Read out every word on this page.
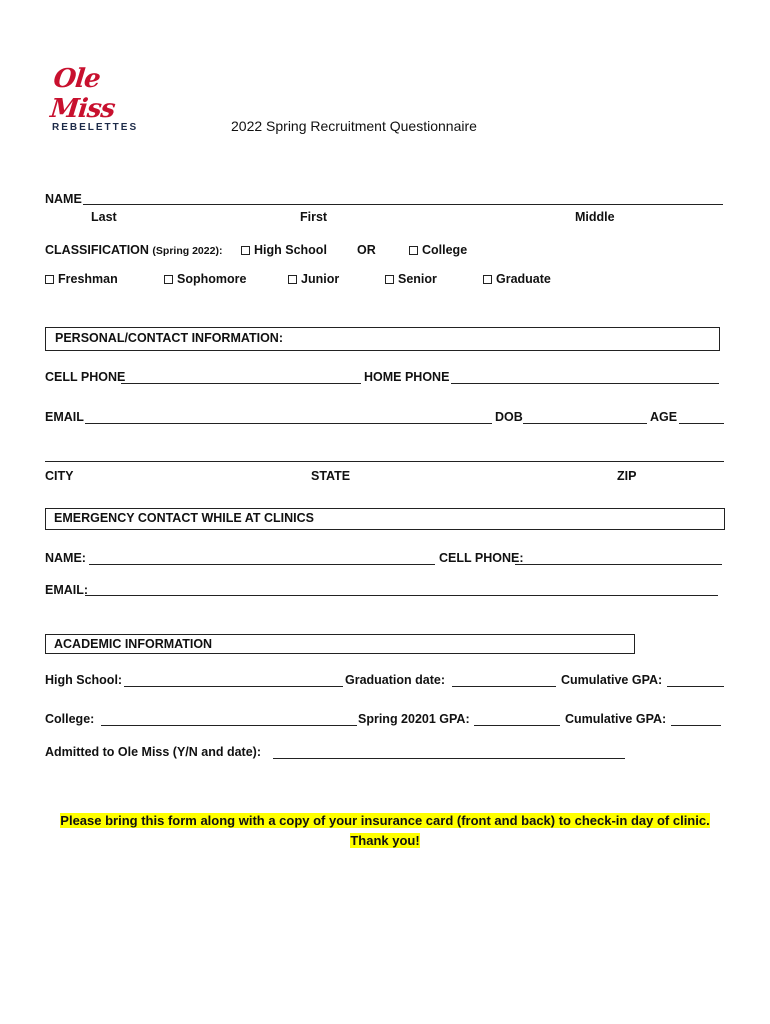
Ole Miss
REBELETTES	2022 Spring Recruitment Questionnaire
NAME
Last	First	Middle
CLASSIFICATION (Spring 2022):	High School OR	College
Freshman	Sophomore	Junior	Senior	Graduate
PERSONAL/CONTACT INFORMATION:
CELL PHONE	HOME PHONE
EMAIL	DOB	AGE
CITY	STATE	ZIP
EMERGENCY CONTACT WHILE AT CLINICS
NAME:	CELL PHONE:
EMAIL:
ACADEMIC INFORMATION
High School:	Graduation date:	Cumulative GPA:
College:	Spring 20201 GPA:	Cumulative GPA:
Admitted to Ole Miss (Y/N and date):
Please bring this form along with a copy of your insurance card (front and back) to check-in day of clinic.
Thank you!
